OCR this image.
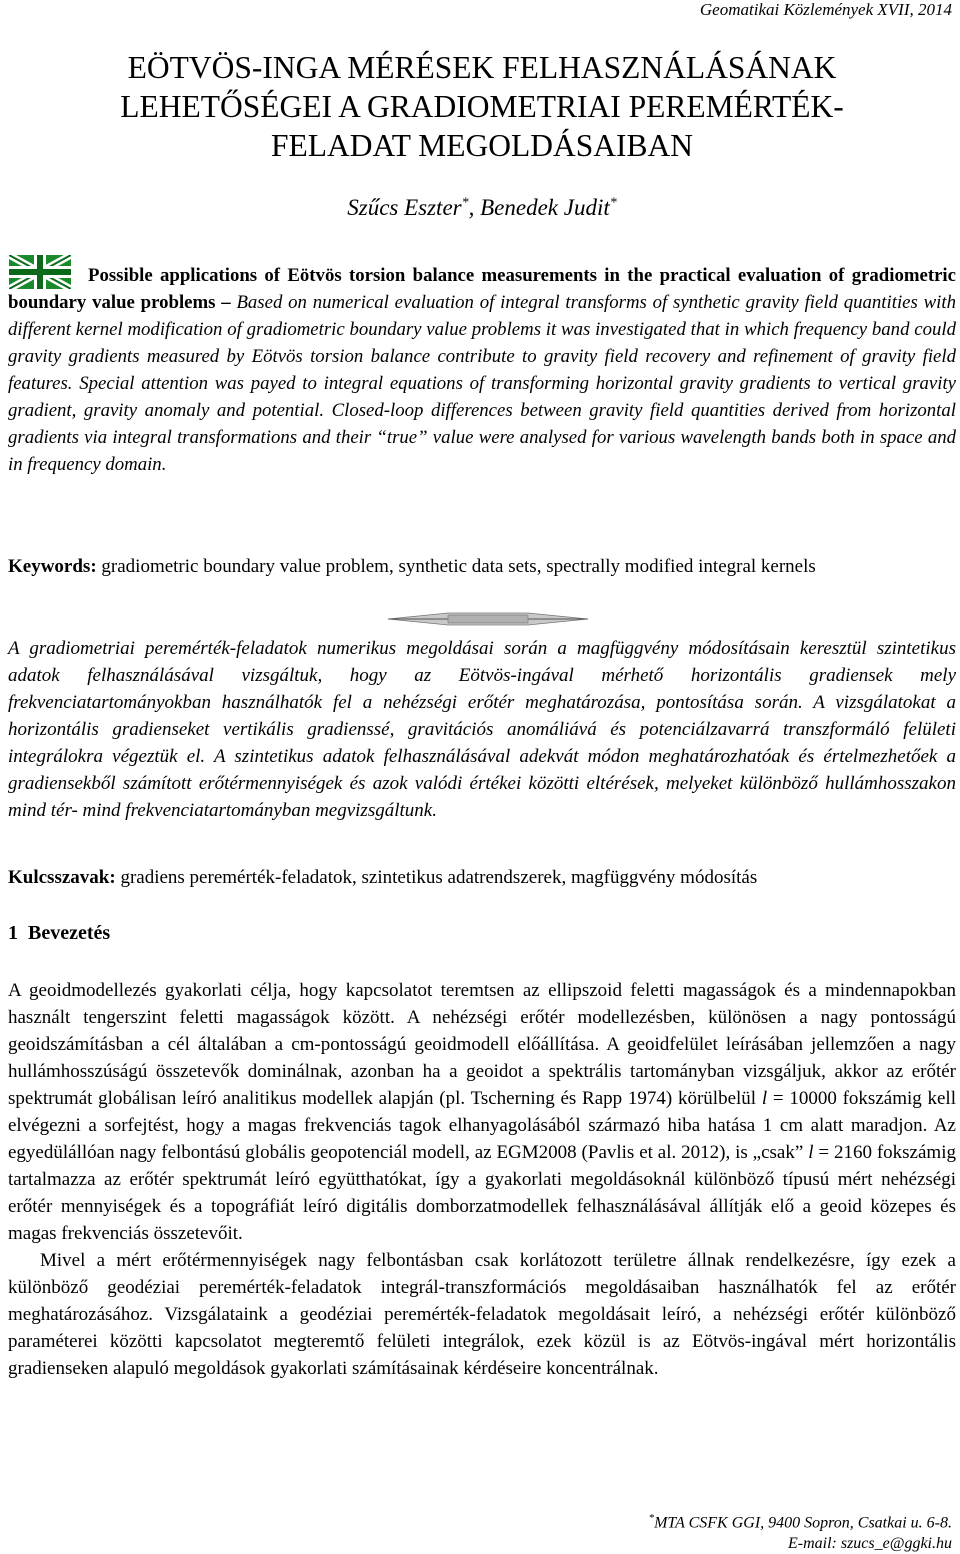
Geomatikai Közlemények XVII, 2014
EÖTVÖS-INGA MÉRÉSEK FELHASZNÁLÁSÁNAK
LEHETŐSÉGEI A GRADIOMETRIAI PEREMÉRTÉK-
FELADAT MEGOLDÁSAIBAN
Szűcs Eszter*, Benedek Judit*
Possible applications of Eötvös torsion balance measurements in the practical evaluation of gradiometric boundary value problems – Based on numerical evaluation of integral transforms of synthetic gravity field quantities with different kernel modification of gradiometric boundary value problems it was investigated that in which frequency band could gravity gradients measured by Eötvös torsion balance contribute to gravity field recovery and refinement of gravity field features. Special attention was payed to integral equations of transforming horizontal gravity gradients to vertical gravity gradient, gravity anomaly and potential. Closed-loop differences between gravity field quantities derived from horizontal gradients via integral transformations and their “true” value were analysed for various wavelength bands both in space and in frequency domain.
Keywords: gradiometric boundary value problem, synthetic data sets, spectrally modified integral kernels
A gradiometriai peremérték-feladatok numerikus megoldásai során a magfüggvény módosításain keresztül szintetikus adatok felhasználásával vizsgáltuk, hogy az Eötvös-ingával mérhető horizontális gradiensek mely frekvenciatartományokban használhatók fel a nehézségi erőtér meghatározása, pontosítása során. A vizsgálatokat a horizontális gradienseket vertikális gradienssé, gravitációs anomáliává és potenciálzavarrá transzformáló felületi integrálokra végeztük el. A szintetikus adatok felhasználásával adekvát módon meghatározhatóak és értelmezhetőek a gradiensekből számított erőtérmennyiségek és azok valódi értékei közötti eltérések, melyeket különböző hullámhosszakon mind tér- mind frekvenciatartományban megvizsgáltunk.
Kulcsszavak: gradiens peremérték-feladatok, szintetikus adatrendszerek, magfüggvény módosítás
1 Bevezetés

A geoidmodellezés gyakorlati célja, hogy kapcsolatot teremtsen az ellipszoid feletti magasságok és a mindennapokban használt tengerszint feletti magasságok között. A nehézségi erőtér modellezésben, különösen a nagy pontosságú geoidszámításban a cél általában a cm-pontosságú geoidmodell előállítása. A geoidfelület leírásában jellemzően a nagy hullámhosszúságú összetevők dominálnak, azonban ha a geoidot a spektrális tartományban vizsgáljuk, akkor az erőtér spektrumát globálisan leíró analitikus modellek alapján (pl. Tscherning és Rapp 1974) körülbelül l = 10000 fokszámig kell elvégezni a sorfejtést, hogy a magas frekvenciás tagok elhanyagolásából származó hiba hatása 1 cm alatt maradjon. Az egyedülállóan nagy felbontású globális geopotenciál modell, az EGM2008 (Pavlis et al. 2012), is „csak” l = 2160 fokszámig tartalmazza az erőtér spektrumát leíró együtthatókat, így a gyakorlati megoldásoknál különböző típusú mért nehézségi erőtér mennyiségek és a topográfiát leíró digitális domborzatmodellek felhasználásával állítják elő a geoid közepes és magas frekvenciás összetevőit.

Mivel a mért erőtérmennyiségek nagy felbontásban csak korlátozott területre állnak rendelkezésre, így ezek a különböző geodéziai peremérték-feladatok integrál-transzformációs megoldásaiban használhatók fel az erőtér meghatározásához. Vizsgálataink a geodéziai peremérték-feladatok megoldásait leíró, a nehézségi erőtér különböző paraméterei közötti kapcsolatot megteremtő felületi integrálok, ezek közül is az Eötvös-ingával mért horizontális gradienseken alapuló megoldások gyakorlati számításainak kérdéseire koncentrálnak.

*MTA CSFK GGI, 9400 Sopron, Csatkai u. 6-8.
E-mail: szucs_e@ggki.hu
